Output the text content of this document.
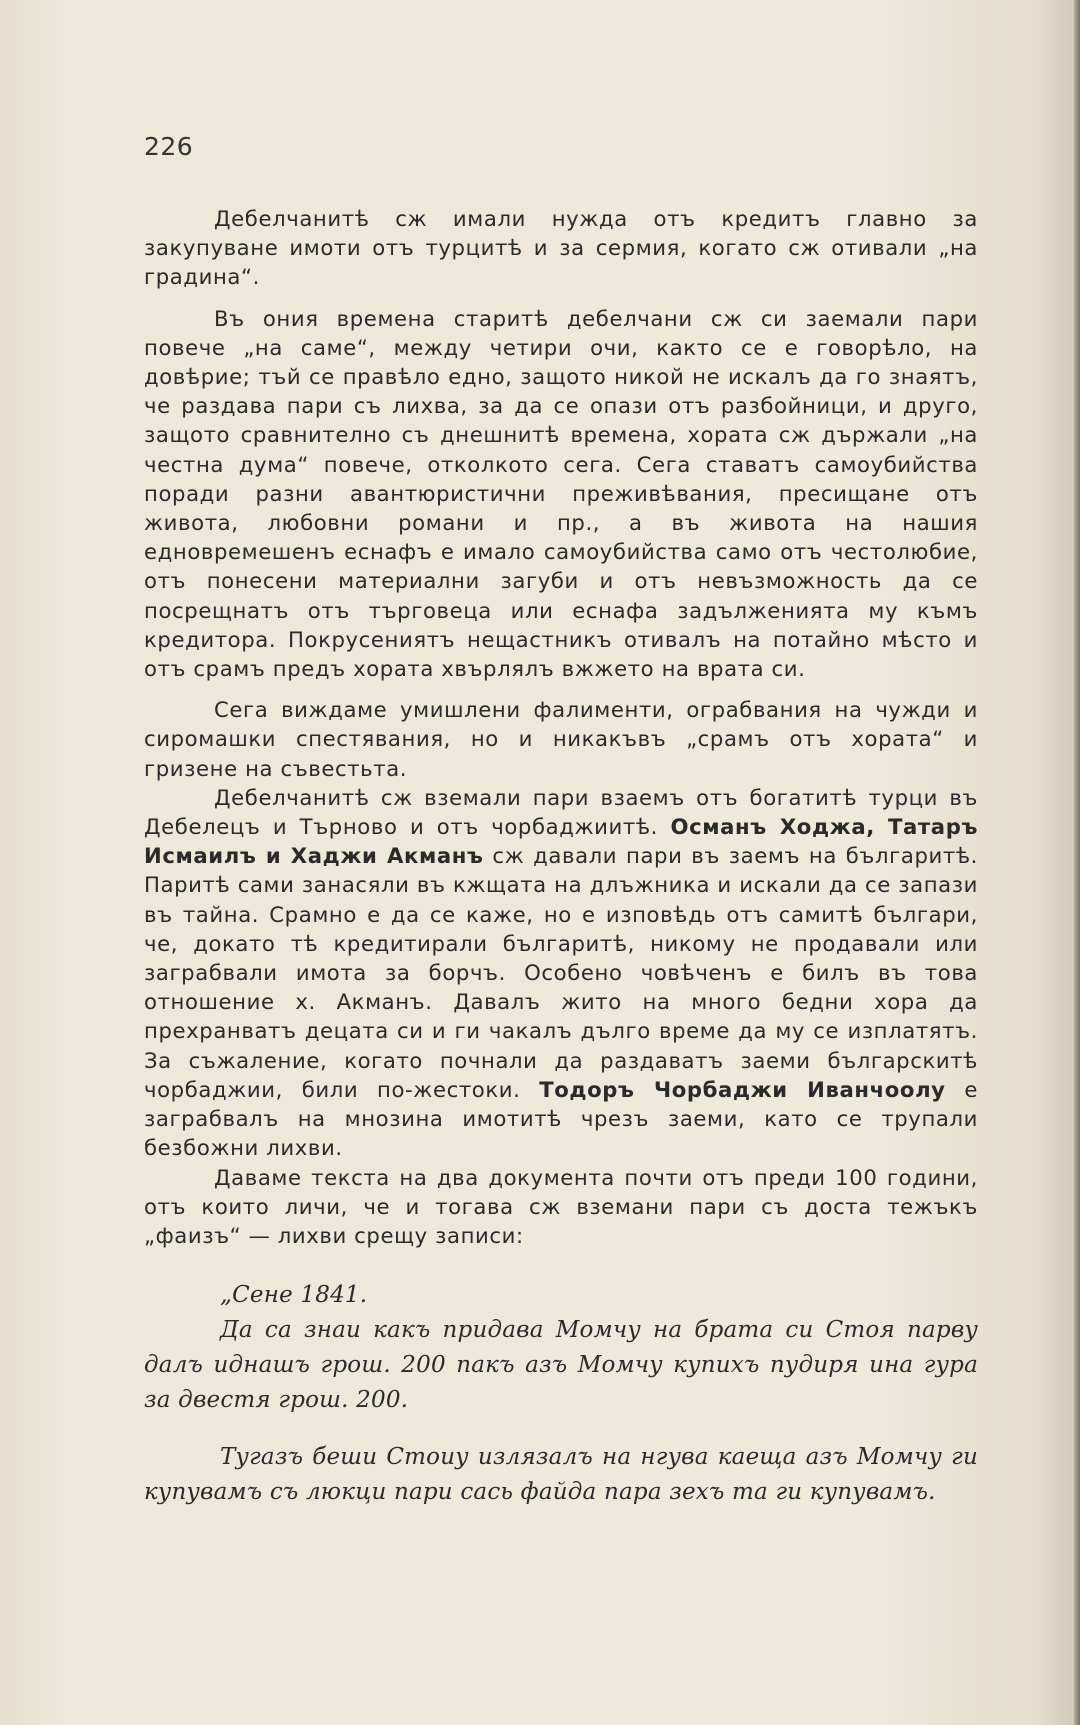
226

Дебелчанитѣ сж имали нужда отъ кредитъ главно за закупуване имоти отъ турцитѣ и за сермия, когато сж отивали „на градина“.

Въ ония времена старитѣ дебелчани сж си заемали пари повече „на саме“, между четири очи, както се е говорѣло, на довѣрие; тъй се правѣло едно, защото никой не искалъ да го знаятъ, че раздава пари съ лихва, за да се опази отъ разбойници, и друго, защото сравнително съ днешнитѣ времена, хората сж държали „на честна дума“ повече, отколкото сега. Сега ставатъ самоубийства поради разни авантюристични преживѣвания, пресищане отъ живота, любовни романи и пр., а въ живота на нашия едновремешенъ еснафъ е имало самоубийства само отъ честолюбие, отъ понесени материални загуби и отъ невъзможность да се посрещнатъ отъ търговеца или еснафа задълженията му къмъ кредитора. Покрусениятъ нещастникъ отивалъ на потайно мѣсто и отъ срамъ предъ хората хвърлялъ вжжето на врата си.

Сега виждаме умишлени фалименти, ограбвания на чужди и сиромашки спестявания, но и никакъвъ „срамъ отъ хората“ и гризене на съвестьта.

Дебелчанитѣ сж вземали пари взаемъ отъ богатитѣ турци въ Дебелецъ и Търново и отъ чорбаджиитѣ. Османъ Ходжа, Татаръ Исмаилъ и Хаджи Акманъ сж давали пари въ заемъ на българитѣ. Паритѣ сами занасяли въ кжщата на длъжника и искали да се запази въ тайна. Срамно е да се каже, но е изповѣдь отъ самитѣ българи, че, докато тѣ кредитирали българитѣ, никому не продавали или заграбвали имота за борчъ. Особено човѣченъ е билъ въ това отношение х. Акманъ. Давалъ жито на много бедни хора да прехранватъ децата си и ги чакалъ дълго време да му се изплатятъ. За съжаление, когато почнали да раздаватъ заеми българскитѣ чорбаджии, били по-жестоки. Тодоръ Чорбаджи Иванчоолу е заграбвалъ на мнозина имотитѣ чрезъ заеми, като се трупали безбожни лихви.

Даваме текста на два документа почти отъ преди 100 години, отъ които личи, че и тогава сж вземани пари съ доста тежъкъ „фаизъ“ — лихви срещу записи:

„Сене 1841.

Да са знаи какъ придава Момчу на брата си Стоя парву далъ иднашъ грош. 200 пакъ азъ Момчу купихъ пудиря ина гура за двестя грош. 200.

Тугазъ беши Стоиу излязалъ на нгува каеща азъ Момчу ги купувамъ съ люкци пари сась файда пара зехъ та ги купувамъ.
